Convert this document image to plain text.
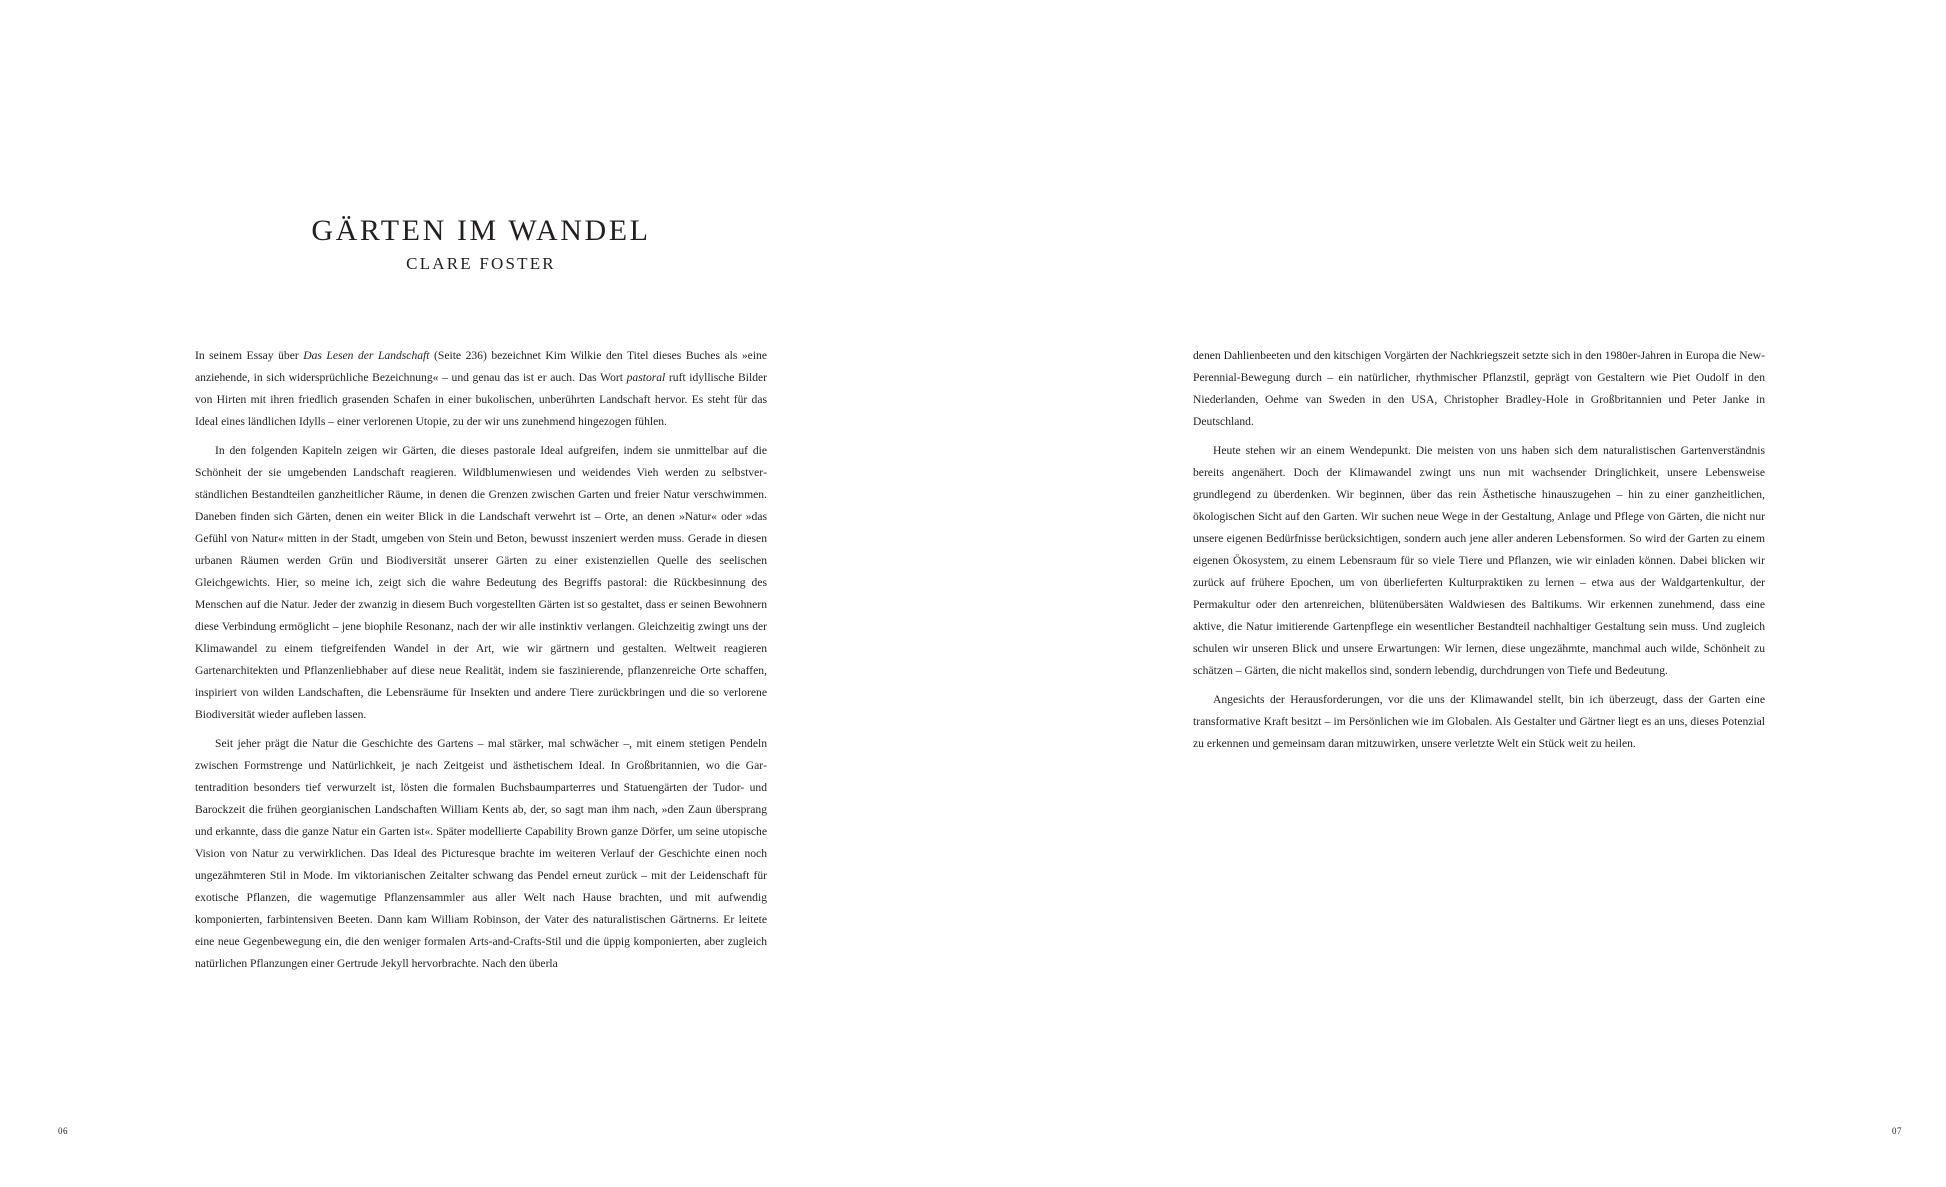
GÄRTEN IM WANDEL
CLARE FOSTER

In seinem Essay über Das Lesen der Landschaft (Seite 236) bezeichnet Kim Wilkie den Titel dieses Buches als »eine anziehende, in sich widersprüchliche Bezeichnung« – und genau das ist er auch. Das Wort pastoral ruft idyllische Bilder von Hirten mit ihren friedlich grasenden Schafen in einer bukolischen, unberührten Landschaft hervor. Es steht für das Ideal eines ländlichen Idylls – einer verlorenen Utopie, zu der wir uns zunehmend hingezogen fühlen.

In den folgenden Kapiteln zeigen wir Gärten, die dieses pastorale Ideal aufgreifen, indem sie unmittelbar auf die Schönheit der sie umgebenden Landschaft reagieren. Wildblumenwiesen und weidendes Vieh werden zu selbstverständlichen Bestandteilen ganzheitlicher Räume, in denen die Grenzen zwischen Garten und freier Natur verschwimmen. Daneben finden sich Gärten, denen ein weiter Blick in die Landschaft verwehrt ist – Orte, an denen »Natur« oder »das Gefühl von Natur« mitten in der Stadt, umgeben von Stein und Beton, bewusst inszeniert werden muss. Gerade in diesen urbanen Räumen werden Grün und Biodiversität unserer Gärten zu einer existenziellen Quelle des seelischen Gleichgewichts. Hier, so meine ich, zeigt sich die wahre Bedeutung des Begriffs pastoral: die Rückbesinnung des Menschen auf die Natur. Jeder der zwanzig in diesem Buch vorgestellten Gärten ist so gestaltet, dass er seinen Bewohnern diese Verbindung ermöglicht – jene biophile Resonanz, nach der wir alle instinktiv verlangen. Gleichzeitig zwingt uns der Klimawandel zu einem tiefgreifenden Wandel in der Art, wie wir gärtnern und gestalten. Weltweit reagieren Gartenarchitekten und Pflanzenliebhaber auf diese neue Realität, indem sie faszinierende, pflanzenreiche Orte schaffen, inspiriert von wilden Landschaften, die Lebensräume für Insekten und andere Tiere zurückbringen und die so verlorene Biodiversität wieder aufleben lassen.

Seit jeher prägt die Natur die Geschichte des Gartens – mal stärker, mal schwächer –, mit einem stetigen Pendeln zwischen Formstrenge und Natürlichkeit, je nach Zeitgeist und ästhetischem Ideal. In Großbritannien, wo die Gartentradition besonders tief verwurzelt ist, lösten die formalen Buchsbaumparterres und Statuengärten der Tudor- und Barockzeit die frühen georgianischen Landschaften William Kents ab, der, so sagt man ihm nach, »den Zaun übersprang und erkannte, dass die ganze Natur ein Garten ist«. Später modellierte Capability Brown ganze Dörfer, um seine utopische Vision von Natur zu verwirklichen. Das Ideal des Picturesque brachte im weiteren Verlauf der Geschichte einen noch ungezähmteren Stil in Mode. Im viktorianischen Zeitalter schwang das Pendel erneut zurück – mit der Leidenschaft für exotische Pflanzen, die wagemutige Pflanzensammler aus aller Welt nach Hause brachten, und mit aufwendig komponierten, farbintensiven Beeten. Dann kam William Robinson, der Vater des naturalistischen Gärtnerns. Er leitete eine neue Gegenbewegung ein, die den weniger formalen Arts-and-Crafts-Stil und die üppig komponierten, aber zugleich natürlichen Pflanzungen einer Gertrude Jekyll hervorbrachte. Nach den überla

06

denen Dahlienbeeten und den kitschigen Vorgärten der Nachkriegszeit setzte sich in den 1980er-Jahren in Europa die New-Perennial-Bewegung durch – ein natürlicher, rhythmischer Pflanzstil, geprägt von Gestaltern wie Piet Oudolf in den Niederlanden, Oehme van Sweden in den USA, Christopher Bradley-Hole in Großbritannien und Peter Janke in Deutschland.

Heute stehen wir an einem Wendepunkt. Die meisten von uns haben sich dem naturalistischen Gartenverständnis bereits angenähert. Doch der Klimawandel zwingt uns nun mit wachsender Dringlichkeit, unsere Lebensweise grundlegend zu überdenken. Wir beginnen, über das rein Ästhetische hinauszugehen – hin zu einer ganzheitlichen, ökologischen Sicht auf den Garten. Wir suchen neue Wege in der Gestaltung, Anlage und Pflege von Gärten, die nicht nur unsere eigenen Bedürfnisse berücksichtigen, sondern auch jene aller anderen Lebensformen. So wird der Garten zu einem eigenen Ökosystem, zu einem Lebensraum für so viele Tiere und Pflanzen, wie wir einladen können. Dabei blicken wir zurück auf frühere Epochen, um von überlieferten Kulturpraktiken zu lernen – etwa aus der Waldgartenkultur, der Permakultur oder den artenreichen, blütenübersäten Waldwiesen des Baltikums. Wir erkennen zunehmend, dass eine aktive, die Natur imitierende Gartenpflege ein wesentlicher Bestandteil nachhaltiger Gestaltung sein muss. Und zugleich schulen wir unseren Blick und unsere Erwartungen: Wir lernen, diese ungezähmte, manchmal auch wilde, Schönheit zu schätzen – Gärten, die nicht makellos sind, sondern lebendig, durchdrungen von Tiefe und Bedeutung.

Angesichts der Herausforderungen, vor die uns der Klimawandel stellt, bin ich überzeugt, dass der Garten eine transformative Kraft besitzt – im Persönlichen wie im Globalen. Als Gestalter und Gärtner liegt es an uns, dieses Potenzial zu erkennen und gemeinsam daran mitzuwirken, unsere verletzte Welt ein Stück weit zu heilen.

07
